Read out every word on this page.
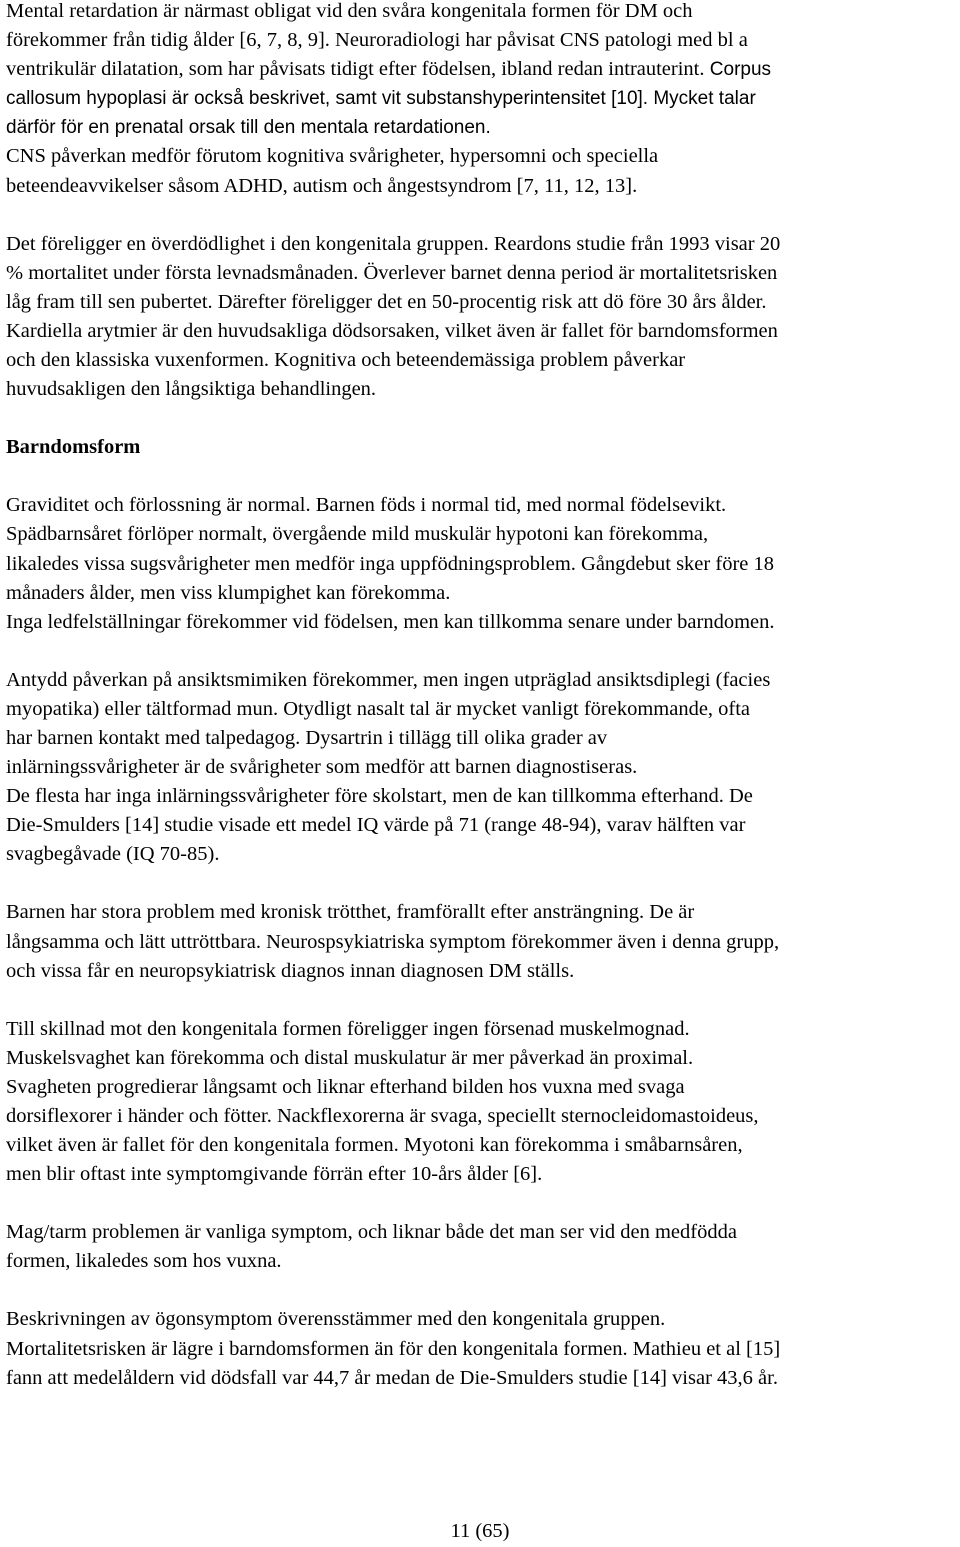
Mental retardation är närmast obligat vid den svåra kongenitala formen för DM och
förekommer från tidig ålder [6, 7, 8, 9]. Neuroradiologi har påvisat CNS patologi med bl a
ventrikulär dilatation, som har påvisats tidigt efter födelsen, ibland redan intrauterint. Corpus
callosum hypoplasi är också beskrivet, samt vit substanshyperintensitet [10]. Mycket talar
därför för en prenatal orsak till den mentala retardationen.
CNS påverkan medför förutom kognitiva svårigheter, hypersomni och speciella
beteendeavvikelser såsom ADHD, autism och ångestsyndrom [7, 11, 12, 13].
Det föreligger en överdödlighet i den kongenitala gruppen. Reardons studie från 1993 visar 20
% mortalitet under första levnadsmånaden. Överlever barnet denna period är mortalitetsrisken
låg fram till sen pubertet. Därefter föreligger det en 50-procentig risk att dö före 30 års ålder.
Kardiella arytmier är den huvudsakliga dödsorsaken, vilket även är fallet för barndomsformen
och den klassiska vuxenformen. Kognitiva och beteendemässiga problem påverkar
huvudsakligen den långsiktiga behandlingen.
Barndomsform
Graviditet och förlossning är normal. Barnen föds i normal tid, med normal födelsevikt.
Spädbarnsåret förlöper normalt, övergående mild muskulär hypotoni kan förekomma,
likaledes vissa sugsvårigheter men medför inga uppfödningsproblem. Gångdebut sker före 18
månaders ålder, men viss klumpighet kan förekomma.
Inga ledfelställningar förekommer vid födelsen, men kan tillkomma senare under barndomen.
Antydd påverkan på ansiktsmimiken förekommer, men ingen utpräglad ansiktsdiplegi (facies
myopatika) eller tältformad mun. Otydligt nasalt tal är mycket vanligt förekommande, ofta
har barnen kontakt med talpedagog. Dysartrin i tillägg till olika grader av
inlärningssvårigheter är de svårigheter som medför att barnen diagnostiseras.
De flesta har inga inlärningssvårigheter före skolstart, men de kan tillkomma efterhand. De
Die-Smulders [14] studie visade ett medel IQ värde på 71 (range 48-94), varav hälften var
svagbegåvade (IQ 70-85).
Barnen har stora problem med kronisk trötthet, framförallt efter ansträngning. De är
långsamma och lätt uttröttbara. Neurospsykiatriska symptom förekommer även i denna grupp,
och vissa får en neuropsykiatrisk diagnos innan diagnosen DM ställs.
Till skillnad mot den kongenitala formen föreligger ingen försenad muskelmognad.
Muskelsvaghet kan förekomma och distal muskulatur är mer påverkad än proximal.
Svagheten progredierar långsamt och liknar efterhand bilden hos vuxna med svaga
dorsiflexorer i händer och fötter. Nackflexorerna är svaga, speciellt sternocleidomastoideus,
vilket även är fallet för den kongenitala formen. Myotoni kan förekomma i småbarnsåren,
men blir oftast inte symptomgivande förrän efter 10-års ålder [6].
Mag/tarm problemen är vanliga symptom, och liknar både det man ser vid den medfödda
formen, likaledes som hos vuxna.
Beskrivningen av ögonsymptom överensstämmer med den kongenitala gruppen.
Mortalitetsrisken är lägre i barndomsformen än för den kongenitala formen. Mathieu et al [15]
fann att medelåldern vid dödsfall var 44,7 år medan de Die-Smulders studie [14] visar 43,6 år.
11 (65)
